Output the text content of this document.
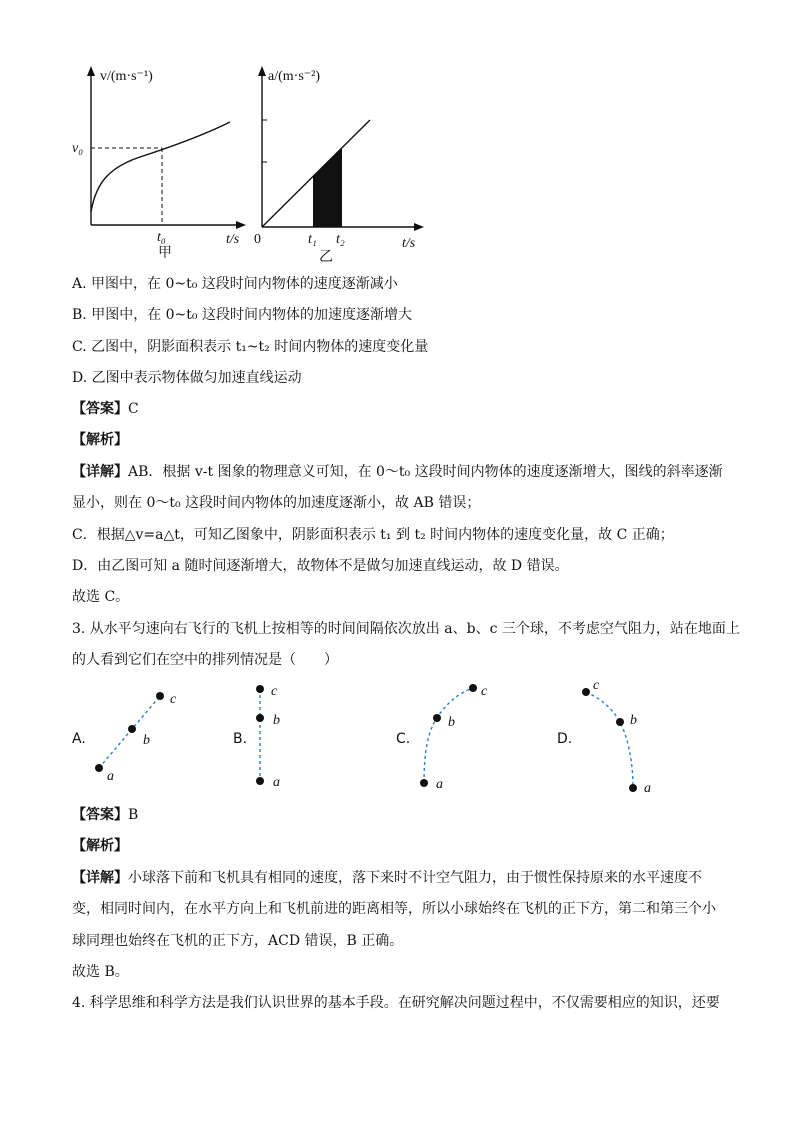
v/(m·s⁻¹)
v₀
t₀	t/s
甲
a/(m·s⁻²)
0	t₁ t₂	t/s
乙
A. 甲图中，在 0~t₀ 这段时间内物体的速度逐渐减小
B. 甲图中，在 0~t₀ 这段时间内物体的加速度逐渐增大
C. 乙图中，阴影面积表示 t₁~t₂ 时间内物体的速度变化量
D. 乙图中表示物体做匀加速直线运动
【答案】C
【解析】
【详解】AB．根据 v-t 图象的物理意义可知，在 0～t₀ 这段时间内物体的速度逐渐增大，图线的斜率逐渐
显小，则在 0～t₀ 这段时间内物体的加速度逐渐小，故 AB 错误；
C．根据△v=a△t，可知乙图象中，阴影面积表示 t₁ 到 t₂ 时间内物体的速度变化量，故 C 正确；
D．由乙图可知 a 随时间逐渐增大，故物体不是做匀加速直线运动，故 D 错误。
故选 C。
3. 从水平匀速向右飞行的飞机上按相等的时间间隔依次放出 a、b、c 三个球，不考虑空气阻力，站在地面上
的人看到它们在空中的排列情况是（　　）
A.
a
b
c
B.
c
b
a
C.
a
b
c
D.
c
b
a
【答案】B
【解析】
【详解】小球落下前和飞机具有相同的速度，落下来时不计空气阻力，由于惯性保持原来的水平速度不
变，相同时间内，在水平方向上和飞机前进的距离相等，所以小球始终在飞机的正下方，第二和第三个小
球同理也始终在飞机的正下方，ACD 错误，B 正确。
故选 B。
4. 科学思维和科学方法是我们认识世界的基本手段。在研究解决问题过程中，不仅需要相应的知识，还要
